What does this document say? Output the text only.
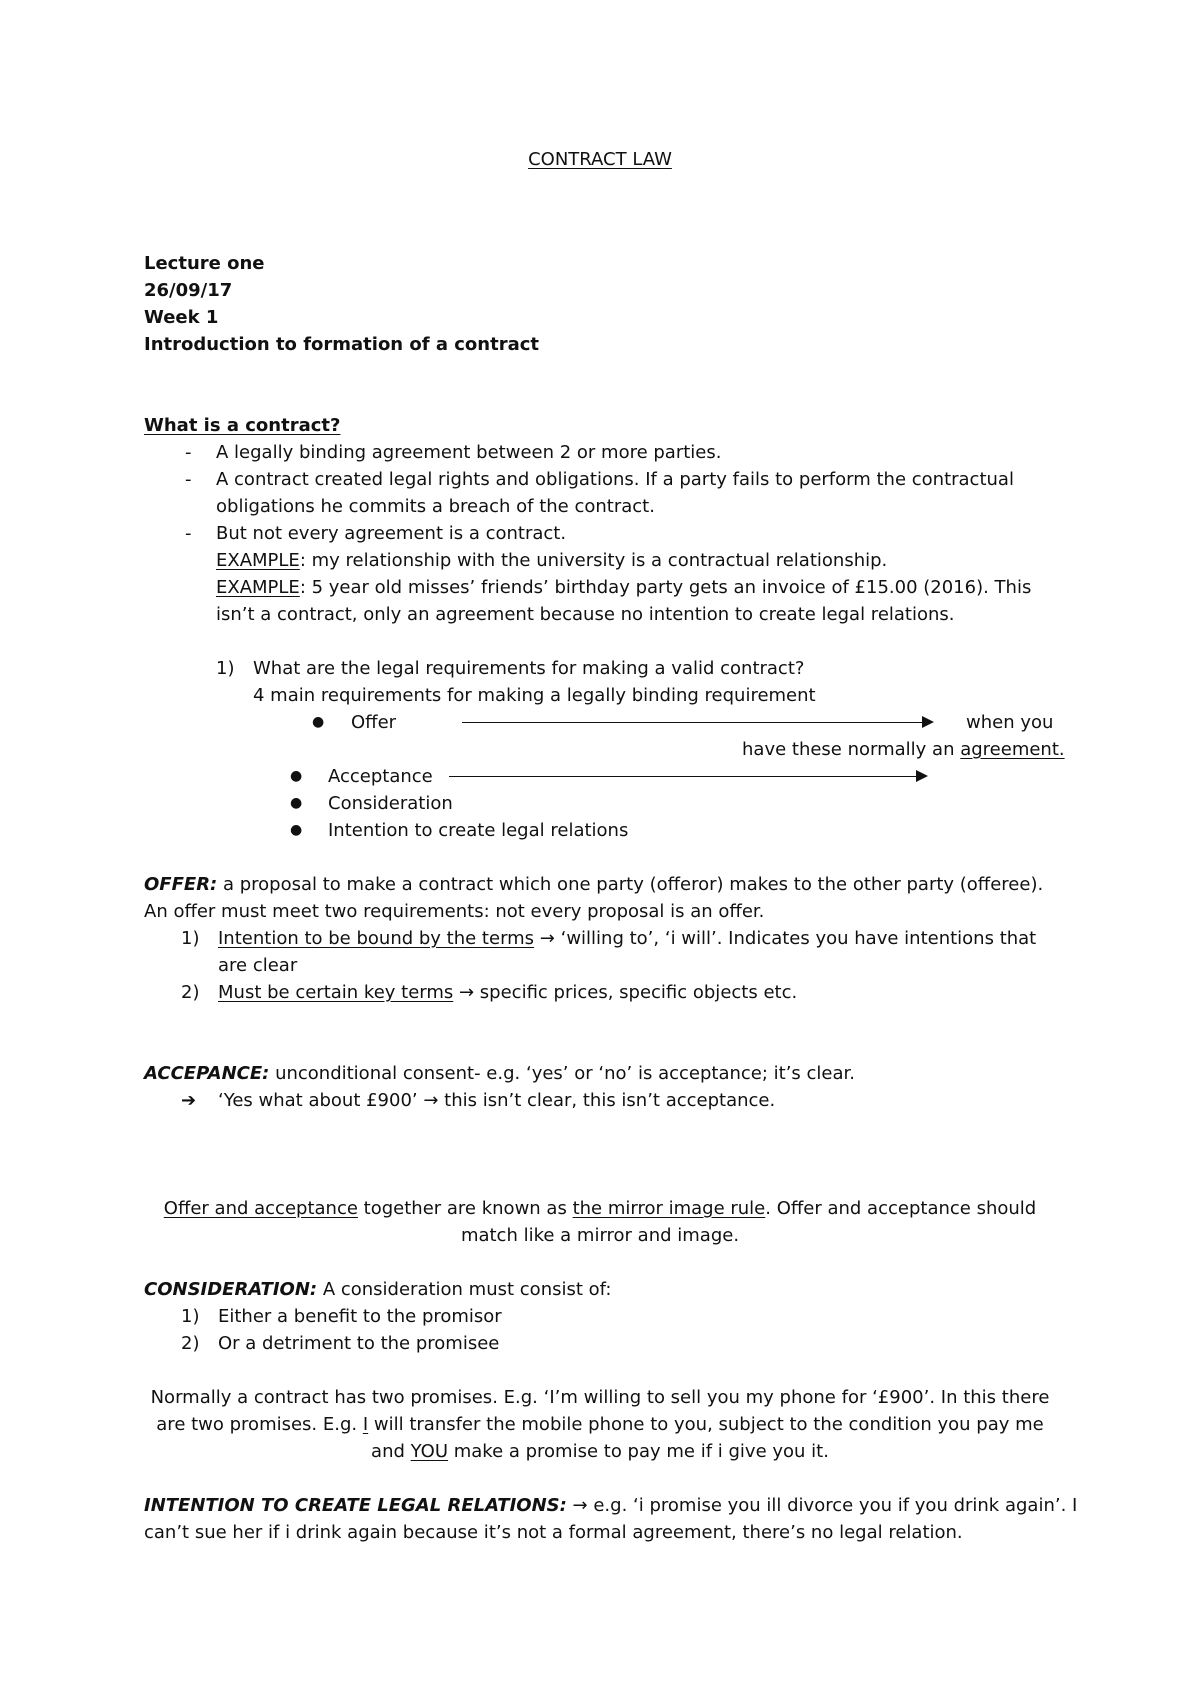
CONTRACT LAW
Lecture one
26/09/17
Week 1
Introduction to formation of a contract
What is a contract?
- A legally binding agreement between 2 or more parties.
- A contract created legal rights and obligations. If a party fails to perform the contractual
obligations he commits a breach of the contract.
- But not every agreement is a contract.
EXAMPLE: my relationship with the university is a contractual relationship.
EXAMPLE: 5 year old misses’ friends’ birthday party gets an invoice of £15.00 (2016). This
isn’t a contract, only an agreement because no intention to create legal relations.
1) What are the legal requirements for making a valid contract?
4 main requirements for making a legally binding requirement
● Offer	when you
have these normally an agreement.
● Acceptance
● Consideration
● Intention to create legal relations
OFFER: a proposal to make a contract which one party (offeror) makes to the other party (offeree).
An offer must meet two requirements: not every proposal is an offer.
1) Intention to be bound by the terms → ‘willing to’, ‘i will’. Indicates you have intentions that
are clear
2) Must be certain key terms → specific prices, specific objects etc.
ACCEPANCE: unconditional consent- e.g. ‘yes’ or ‘no’ is acceptance; it’s clear.
➔ ‘Yes what about £900’ → this isn’t clear, this isn’t acceptance.
Offer and acceptance together are known as the mirror image rule. Offer and acceptance should
match like a mirror and image.
CONSIDERATION: A consideration must consist of:
1) Either a benefit to the promisor
2) Or a detriment to the promisee
Normally a contract has two promises. E.g. ‘I’m willing to sell you my phone for ‘£900’. In this there
are two promises. E.g. I will transfer the mobile phone to you, subject to the condition you pay me
and YOU make a promise to pay me if i give you it.
INTENTION TO CREATE LEGAL RELATIONS: → e.g. ‘i promise you ill divorce you if you drink again’. I
can’t sue her if i drink again because it’s not a formal agreement, there’s no legal relation.
